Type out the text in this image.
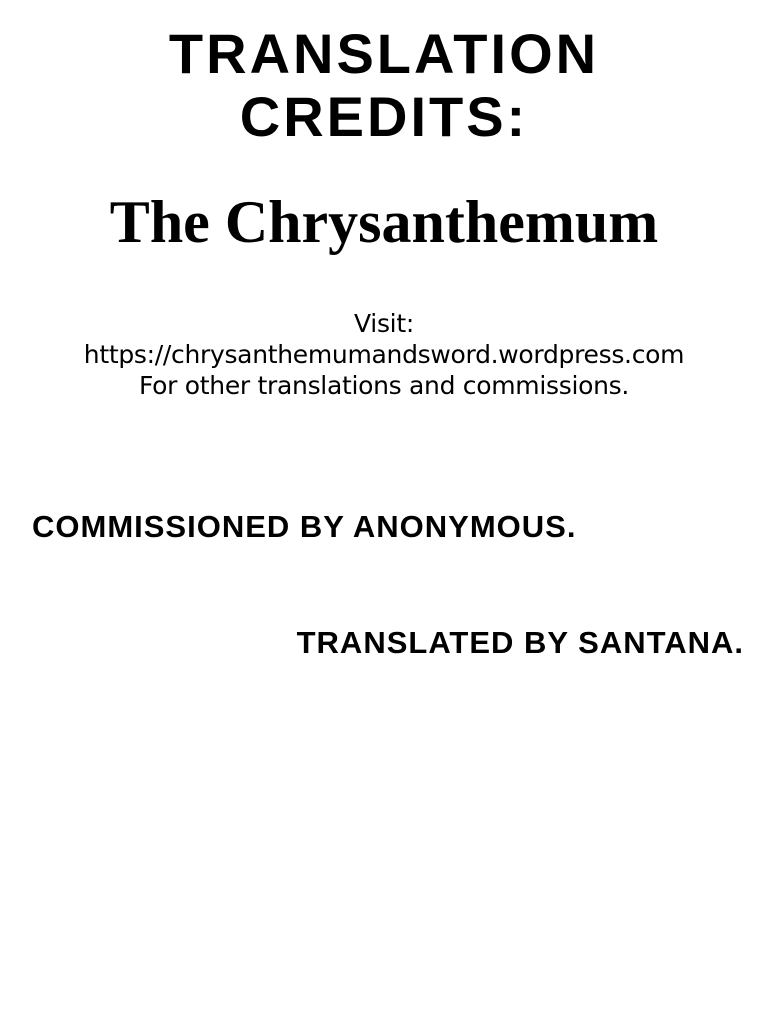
TRANSLATION
CREDITS:
The Chrysanthemum
Visit:
https://chrysanthemumandsword.wordpress.com
For other translations and commissions.
COMMISSIONED BY ANONYMOUS.
TRANSLATED BY SANTANA.
